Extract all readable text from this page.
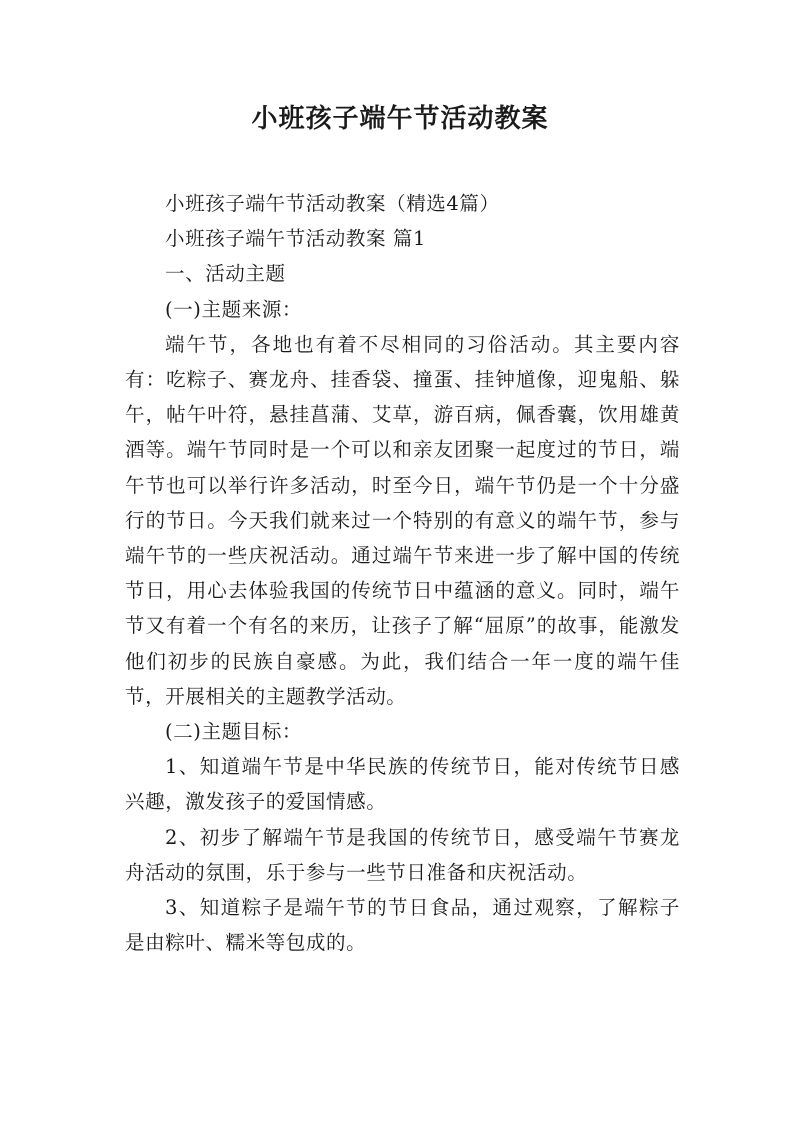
小班孩子端午节活动教案

小班孩子端午节活动教案（精选4篇）

小班孩子端午节活动教案 篇1

一、活动主题

(一)主题来源：

端午节，各地也有着不尽相同的习俗活动。其主要内容有：吃粽子、赛龙舟、挂香袋、撞蛋、挂钟馗像，迎鬼船、躲午，帖午叶符，悬挂菖蒲、艾草，游百病，佩香囊，饮用雄黄酒等。端午节同时是一个可以和亲友团聚一起度过的节日，端午节也可以举行许多活动，时至今日，端午节仍是一个十分盛行的节日。今天我们就来过一个特别的有意义的端午节，参与端午节的一些庆祝活动。通过端午节来进一步了解中国的传统节日，用心去体验我国的传统节日中蕴涵的意义。同时，端午节又有着一个有名的来历，让孩子了解“屈原”的故事，能激发他们初步的民族自豪感。为此，我们结合一年一度的端午佳节，开展相关的主题教学活动。

(二)主题目标：

1、知道端午节是中华民族的传统节日，能对传统节日感兴趣，激发孩子的爱国情感。

2、初步了解端午节是我国的传统节日，感受端午节赛龙舟活动的氛围，乐于参与一些节日准备和庆祝活动。

3、知道粽子是端午节的节日食品，通过观察，了解粽子是由粽叶、糯米等包成的。
